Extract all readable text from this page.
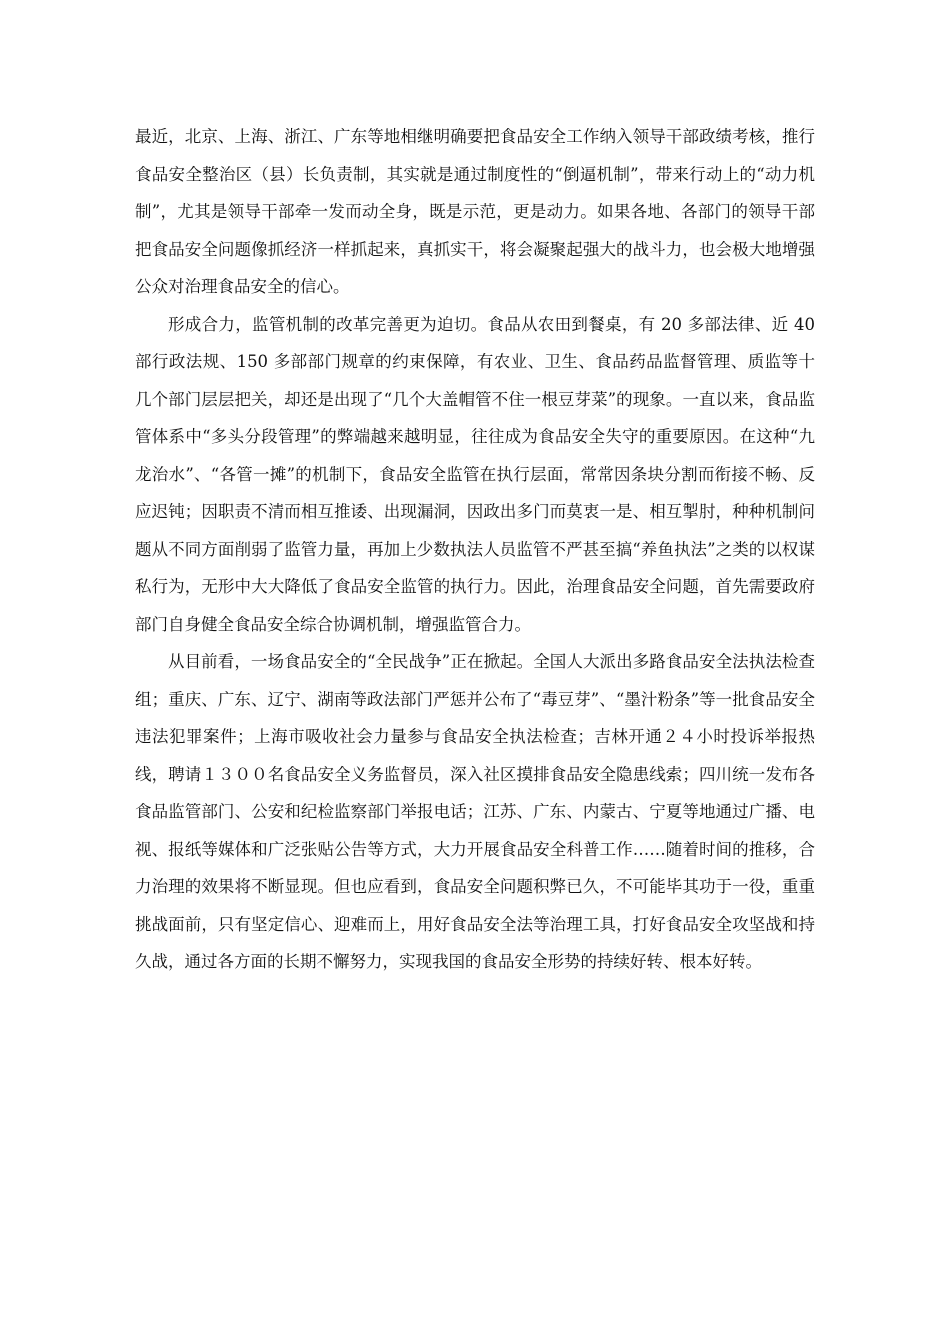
最近，北京、上海、浙江、广东等地相继明确要把食品安全工作纳入领导干部政绩考核，推行食品安全整治区（县）长负责制，其实就是通过制度性的“倒逼机制”，带来行动上的“动力机制”，尤其是领导干部牵一发而动全身，既是示范，更是动力。如果各地、各部门的领导干部把食品安全问题像抓经济一样抓起来，真抓实干，将会凝聚起强大的战斗力，也会极大地增强公众对治理食品安全的信心。

形成合力，监管机制的改革完善更为迫切。食品从农田到餐桌，有 20 多部法律、近 40 部行政法规、150 多部部门规章的约束保障，有农业、卫生、食品药品监督管理、质监等十几个部门层层把关，却还是出现了“几个大盖帽管不住一根豆芽菜”的现象。一直以来，食品监管体系中“多头分段管理”的弊端越来越明显，往往成为食品安全失守的重要原因。在这种“九龙治水”、“各管一摊”的机制下，食品安全监管在执行层面，常常因条块分割而衔接不畅、反应迟钝；因职责不清而相互推诿、出现漏洞，因政出多门而莫衷一是、相互掣肘，种种机制问题从不同方面削弱了监管力量，再加上少数执法人员监管不严甚至搞“养鱼执法”之类的以权谋私行为，无形中大大降低了食品安全监管的执行力。因此，治理食品安全问题，首先需要政府部门自身健全食品安全综合协调机制，增强监管合力。

从目前看，一场食品安全的“全民战争”正在掀起。全国人大派出多路食品安全法执法检查组；重庆、广东、辽宁、湖南等政法部门严惩并公布了“毒豆芽”、“墨汁粉条”等一批食品安全违法犯罪案件；上海市吸收社会力量参与食品安全执法检查；吉林开通２４小时投诉举报热线，聘请１３００名食品安全义务监督员，深入社区摸排食品安全隐患线索；四川统一发布各食品监管部门、公安和纪检监察部门举报电话；江苏、广东、内蒙古、宁夏等地通过广播、电视、报纸等媒体和广泛张贴公告等方式，大力开展食品安全科普工作……随着时间的推移，合力治理的效果将不断显现。但也应看到，食品安全问题积弊已久，不可能毕其功于一役，重重挑战面前，只有坚定信心、迎难而上，用好食品安全法等治理工具，打好食品安全攻坚战和持久战，通过各方面的长期不懈努力，实现我国的食品安全形势的持续好转、根本好转。
